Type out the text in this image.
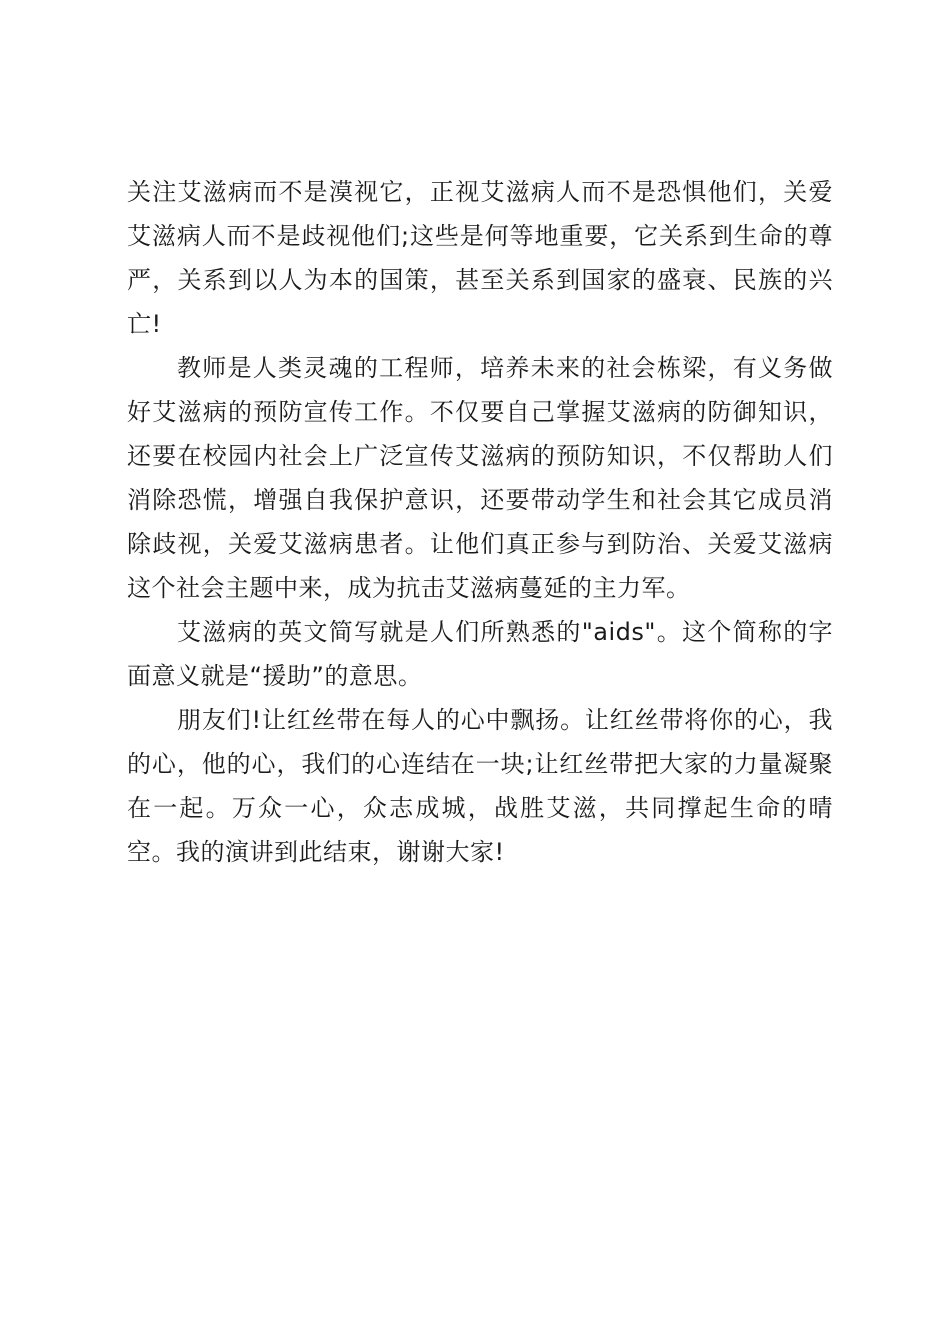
关注艾滋病而不是漠视它，正视艾滋病人而不是恐惧他们，关爱艾滋病人而不是歧视他们;这些是何等地重要，它关系到生命的尊严，关系到以人为本的国策，甚至关系到国家的盛衰、民族的兴亡!

教师是人类灵魂的工程师，培养未来的社会栋梁，有义务做好艾滋病的预防宣传工作。不仅要自己掌握艾滋病的防御知识，还要在校园内社会上广泛宣传艾滋病的预防知识，不仅帮助人们消除恐慌，增强自我保护意识，还要带动学生和社会其它成员消除歧视，关爱艾滋病患者。让他们真正参与到防治、关爱艾滋病这个社会主题中来，成为抗击艾滋病蔓延的主力军。

艾滋病的英文简写就是人们所熟悉的"aids"。这个简称的字面意义就是“援助”的意思。

朋友们!让红丝带在每人的心中飘扬。让红丝带将你的心，我的心，他的心，我们的心连结在一块;让红丝带把大家的力量凝聚在一起。万众一心，众志成城，战胜艾滋，共同撑起生命的晴空。我的演讲到此结束，谢谢大家!
